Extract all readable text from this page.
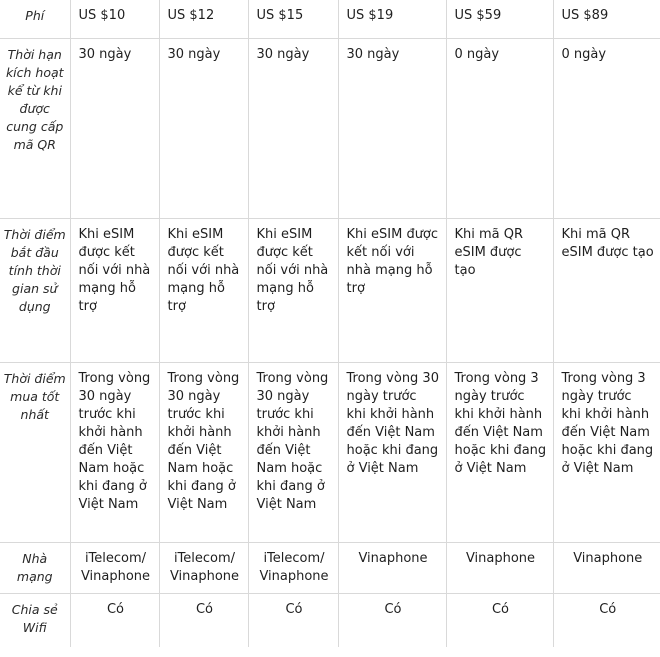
Phí	US $10	US $12	US $15	US $19	US $59	US $89
Thời hạn kích hoạt kể từ khi được cung cấp mã QR	30 ngày	30 ngày	30 ngày	30 ngày	0 ngày	0 ngày
Thời điểm bắt đầu tính thời gian sử dụng	Khi eSIM được kết nối với nhà mạng hỗ trợ	Khi eSIM được kết nối với nhà mạng hỗ trợ	Khi eSIM được kết nối với nhà mạng hỗ trợ	Khi eSIM được kết nối với nhà mạng hỗ trợ	Khi mã QR eSIM được tạo	Khi mã QR eSIM được tạo
Thời điểm mua tốt nhất	Trong vòng 30 ngày trước khi khởi hành đến Việt Nam hoặc khi đang ở Việt Nam	Trong vòng 30 ngày trước khi khởi hành đến Việt Nam hoặc khi đang ở Việt Nam	Trong vòng 30 ngày trước khi khởi hành đến Việt Nam hoặc khi đang ở Việt Nam	Trong vòng 30 ngày trước khi khởi hành đến Việt Nam hoặc khi đang ở Việt Nam	Trong vòng 3 ngày trước khi khởi hành đến Việt Nam hoặc khi đang ở Việt Nam	Trong vòng 3 ngày trước khi khởi hành đến Việt Nam hoặc khi đang ở Việt Nam
Nhà mạng	iTelecom/ Vinaphone	iTelecom/ Vinaphone	iTelecom/ Vinaphone	Vinaphone	Vinaphone	Vinaphone
Chia sẻ Wifi	Có	Có	Có	Có	Có	Có
